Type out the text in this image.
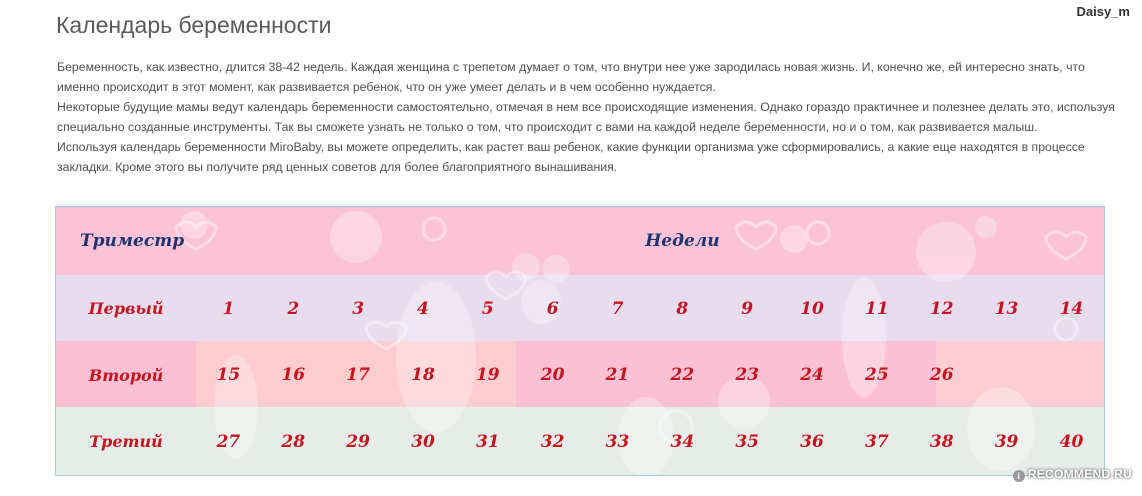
Календарь беременности
Daisy_m

Беременность, как известно, длится 38-42 недель. Каждая женщина с трепетом думает о том, что внутри нее уже зародилась новая жизнь. И, конечно же, ей интересно знать, что именно происходит в этот момент, как развивается ребенок, что он уже умеет делать и в чем особенно нуждается.

Некоторые будущие мамы ведут календарь беременности самостоятельно, отмечая в нем все происходящие изменения. Однако гораздо практичнее и полезнее делать это, используя специально созданные инструменты. Так вы сможете узнать не только о том, что происходит с вами на каждой неделе беременности, но и о том, как развивается малыш.

Используя календарь беременности MiroBaby, вы можете определить, как растет ваш ребенок, какие функции организма уже сформировались, а какие еще находятся в процессе закладки. Кроме этого вы получите ряд ценных советов для более благоприятного вынашивания.

Триместр		Недели												
Первый	1	2	3	4	5	6	7	8	9	10	11	12	13	14
Второй	15	16	17	18	19	20	21	22	23	24	25	26		
Третий	27	28	29	30	31	32	33	34	35	36	37	38	39	40
i RECOMMEND.RU
